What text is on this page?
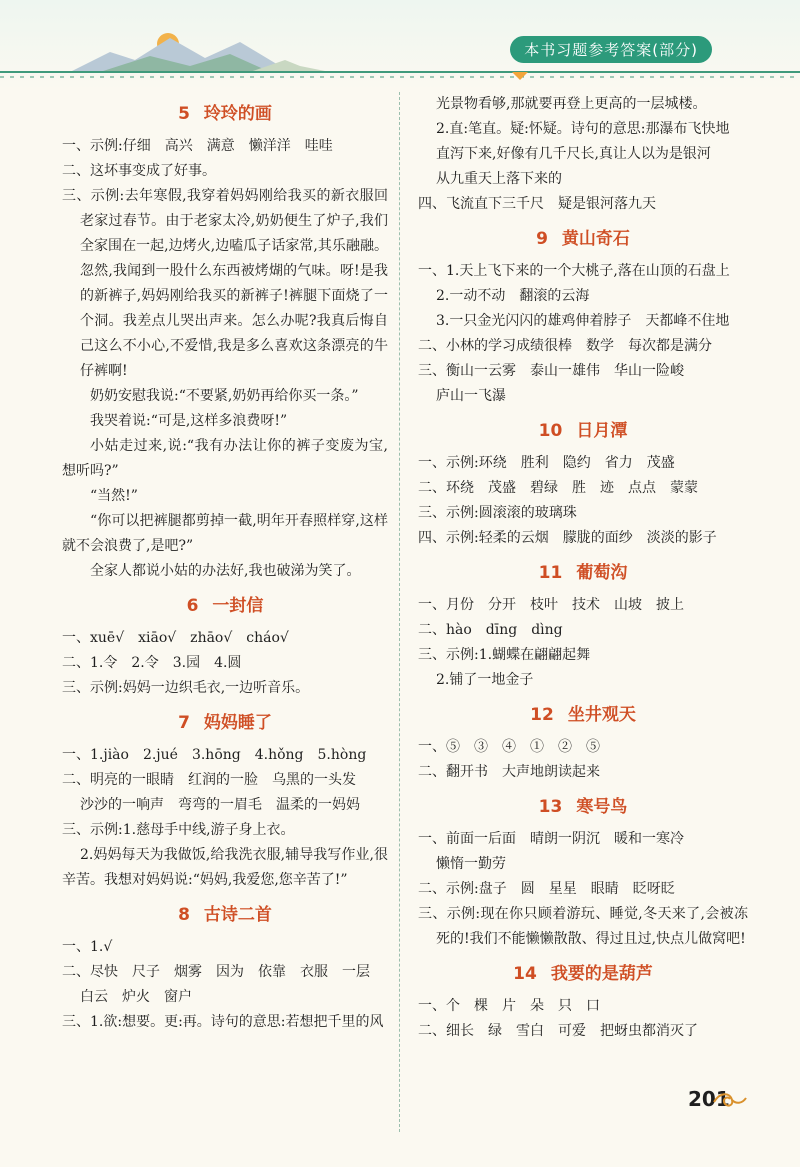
本书习题参考答案(部分)
5 玲玲的画
一、示例:仔细　高兴　满意　懒洋洋　哇哇
二、这坏事变成了好事。
三、示例:去年寒假,我穿着妈妈刚给我买的新衣服回老家过春节。由于老家太冷,奶奶便生了炉子,我们全家围在一起,边烤火,边嗑瓜子话家常,其乐融融。忽然,我闻到一股什么东西被烤煳的气味。呀!是我的新裤子,妈妈刚给我买的新裤子!裤腿下面烧了一个洞。我差点儿哭出声来。怎么办呢?我真后悔自己这么不小心,不爱惜,我是多么喜欢这条漂亮的牛仔裤啊!
奶奶安慰我说:“不要紧,奶奶再给你买一条。”
我哭着说:“可是,这样多浪费呀!”
小姑走过来,说:“我有办法让你的裤子变废为宝,想听吗?”
“当然!”
“你可以把裤腿都剪掉一截,明年开春照样穿,这样就不会浪费了,是吧?”
全家人都说小姑的办法好,我也破涕为笑了。
6 一封信
一、xuē√　xiāo√　zhāo√　cháo√
二、1.令　2.令　3.园　4.圆
三、示例:妈妈一边织毛衣,一边听音乐。
7 妈妈睡了
一、1.jiào　2.jué　3.hōng　4.hǒng　5.hòng
二、明亮的一眼睛　红润的一脸　乌黑的一头发
沙沙的一响声　弯弯的一眉毛　温柔的一妈妈
三、示例:1.慈母手中线,游子身上衣。
2.妈妈每天为我做饭,给我洗衣服,辅导我写作业,很辛苦。我想对妈妈说:“妈妈,我爱您,您辛苦了!”
8 古诗二首
一、1.√
二、尽快　尺子　烟雾　因为　依靠　衣服　一层
白云　炉火　窗户
三、1.欲:想要。更:再。诗句的意思:若想把千里的风
光景物看够,那就要再登上更高的一层城楼。
2.直:笔直。疑:怀疑。诗句的意思:那瀑布飞快地
直泻下来,好像有几千尺长,真让人以为是银河
从九重天上落下来的
四、飞流直下三千尺　疑是银河落九天
9 黄山奇石
一、1.天上飞下来的一个大桃子,落在山顶的石盘上
2.一动不动　翻滚的云海
3.一只金光闪闪的雄鸡伸着脖子　天都峰不住地
二、小林的学习成绩很棒　数学　每次都是满分
三、衡山一云雾　泰山一雄伟　华山一险峻
庐山一飞瀑
10 日月潭
一、示例:环绕　胜利　隐约　省力　茂盛
二、环绕　茂盛　碧绿　胜　迹　点点　蒙蒙
三、示例:圆滚滚的玻璃珠
四、示例:轻柔的云烟　朦胧的面纱　淡淡的影子
11 葡萄沟
一、月份　分开　枝叶　技术　山坡　披上
二、hào　dīng　dìng
三、示例:1.蝴蝶在翩翩起舞
2.铺了一地金子
12 坐井观天
一、⑤　③　④　①　②　⑤
二、翻开书　大声地朗读起来
13 寒号鸟
一、前面一后面　晴朗一阴沉　暖和一寒冷
懒惰一勤劳
二、示例:盘子　圆　星星　眼睛　眨呀眨
三、示例:现在你只顾着游玩、睡觉,冬天来了,会被冻死的!我们不能懒懒散散、得过且过,快点儿做窝吧!
14 我要的是葫芦
一、个　棵　片　朵　只　口
二、细长　绿　雪白　可爱　把蚜虫都消灭了
201
